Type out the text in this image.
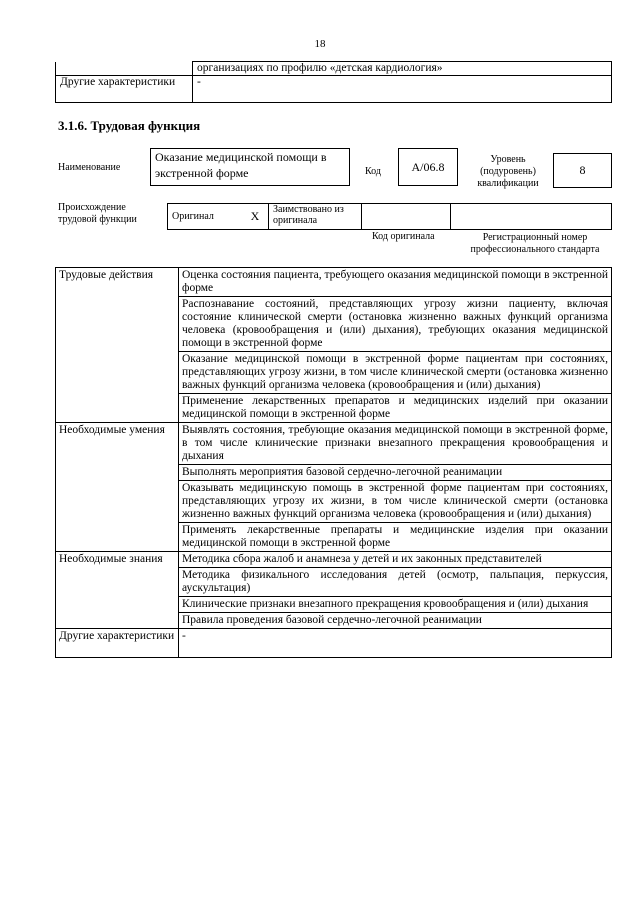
18
	организациях по профилю «детская кардиология»
Другие характеристики	-
3.1.6. Трудовая функция
Наименование
Оказание медицинской помощи в экстренной форме	Код	А/06.8	Уровень (подуровень) квалификации
8
Происхождение трудовой функции	Оригинал	X	Заимствовано из оригинала		
Код оригинала	Регистрационный номер профессионального стандарта
Трудовые действия	Оценка состояния пациента, требующего оказания медицинской помощи в экстренной форме
	Распознавание состояний, представляющих угрозу жизни пациенту, включая состояние клинической смерти (остановка жизненно важных функций организма человека (кровообращения и (или) дыхания), требующих оказания медицинской помощи в экстренной форме
	Оказание медицинской помощи в экстренной форме пациентам при состояниях, представляющих угрозу жизни, в том числе клинической смерти (остановка жизненно важных функций организма человека (кровообращения и (или) дыхания)
	Применение лекарственных препаратов и медицинских изделий при оказании медицинской помощи в экстренной форме
Необходимые умения	Выявлять состояния, требующие оказания медицинской помощи в экстренной форме, в том числе клинические признаки внезапного прекращения кровообращения и дыхания
	Выполнять мероприятия базовой сердечно-легочной реанимации
	Оказывать медицинскую помощь в экстренной форме пациентам при состояниях, представляющих угрозу их жизни, в том числе клинической смерти (остановка жизненно важных функций организма человека (кровообращения и (или) дыхания)
	Применять лекарственные препараты и медицинские изделия при оказании медицинской помощи в экстренной форме
Необходимые знания	Методика сбора жалоб и анамнеза у детей и их законных представителей
	Методика физикального исследования детей (осмотр, пальпация, перкуссия, аускультация)
	Клинические признаки внезапного прекращения кровообращения и (или) дыхания
	Правила проведения базовой сердечно-легочной реанимации
Другие характеристики	-
